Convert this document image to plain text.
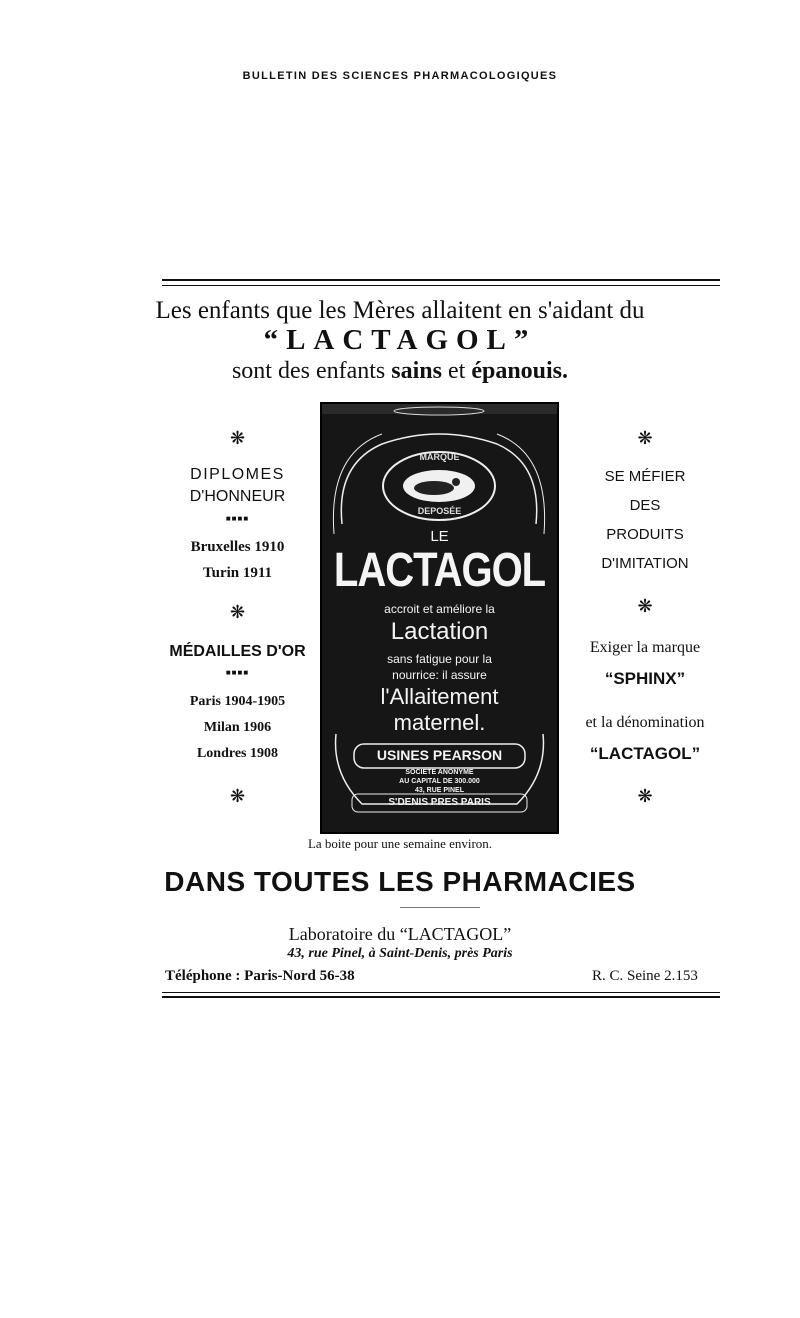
BULLETIN DES SCIENCES PHARMACOLOGIQUES
Les enfants que les Mères allaitent en s'aidant du
“LACTAGOL”
sont des enfants sains et épanouis.
❋
DIPLOMES
D'HONNEUR
■■■■
Bruxelles 1910
Turin 1911
❋
MÉDAILLES D'OR
■■■■
Paris 1904-1905
Milan 1906
Londres 1908
❋
❋
SE MÉFIER
DES
PRODUITS
D'IMITATION
❋
Exiger la marque
“SPHINX”
et la dénomination
“LACTAGOL”
❋
MARQUE
DEPOSÉE
LE
LACTAGOL
accroit et améliore la
Lactation
sans fatigue pour la
nourrice: il assure
l'Allaitement
maternel.
USINES PEARSON
SOCIÉTÉ ANONYME
AU CAPITAL DE 300.000
43, RUE PINEL
S'DENIS PRES PARIS
La boite pour une semaine environ.
DANS TOUTES LES PHARMACIES
Laboratoire du “LACTAGOL”
43, rue Pinel, à Saint-Denis, près Paris
Téléphone : Paris-Nord 56-38	R. C. Seine 2.153
